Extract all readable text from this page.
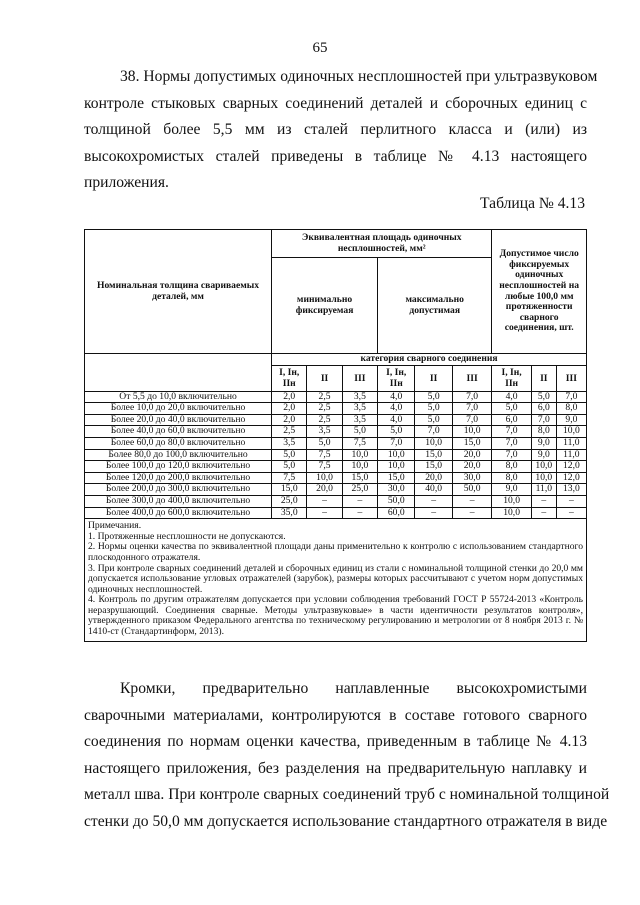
65

38. Нормы допустимых одиночных несплошностей при ультразвуковом
контроле стыковых сварных соединений деталей и сборочных единиц с
толщиной более 5,5 мм из сталей перлитного класса и (или) из
высокохромистых сталей приведены в таблице № 4.13 настоящего
приложения.

Таблица № 4.13
Номинальная толщина свариваемых деталей, мм	Эквивалентная площадь одиночных несплошностей, мм²						Допустимое число фиксируемых одиночных несплошностей на любые 100,0 мм протяженности сварного соединения, шт.		
	минимально фиксируемая			максимально допустимая					
	категория сварного соединения								
	I, Iн, IIн	II	III	I, Iн, IIн	II	III	I, Iн, IIн	II	III
От 5,5 до 10,0 включительно	2,0	2,5	3,5	4,0	5,0	7,0	4,0	5,0	7,0
Более 10,0 до 20,0 включительно	2,0	2,5	3,5	4,0	5,0	7,0	5,0	6,0	8,0
Более 20,0 до 40,0 включительно	2,0	2,5	3,5	4,0	5,0	7,0	6,0	7,0	9,0
Более 40,0 до 60,0 включительно	2,5	3,5	5,0	5,0	7,0	10,0	7,0	8,0	10,0
Более 60,0 до 80,0 включительно	3,5	5,0	7,5	7,0	10,0	15,0	7,0	9,0	11,0
Более 80,0 до 100,0 включительно	5,0	7,5	10,0	10,0	15,0	20,0	7,0	9,0	11,0
Более 100,0 до 120,0 включительно	5,0	7,5	10,0	10,0	15,0	20,0	8,0	10,0	12,0
Более 120,0 до 200,0 включительно	7,5	10,0	15,0	15,0	20,0	30,0	8,0	10,0	12,0
Более 200,0 до 300,0 включительно	15,0	20,0	25,0	30,0	40,0	50,0	9,0	11,0	13,0
Более 300,0 до 400,0 включительно	25,0	–	–	50,0	–	–	10,0	–	–
Более 400,0 до 600,0 включительно	35,0	–	–	60,0	–	–	10,0	–	–

Примечания.

1. Протяженные несплошности не допускаются.

2. Нормы оценки качества по эквивалентной площади даны применительно к контролю с использованием стандартного плоскодонного отражателя.

3. При контроле сварных соединений деталей и сборочных единиц из стали с номинальной толщиной стенки до 20,0 мм допускается использование угловых отражателей (зарубок), размеры которых рассчитывают с учетом норм допустимых одиночных несплошностей.

4. Контроль по другим отражателям допускается при условии соблюдения требований ГОСТ Р 55724-2013 «Контроль неразрушающий. Соединения сварные. Методы ультразвуковые» в части идентичности результатов контроля», утвержденного приказом Федерального агентства по техническому регулированию и метрологии от 8 ноября 2013 г. № 1410-ст (Стандартинформ, 2013).									

Кромки, предварительно наплавленные высокохромистыми
сварочными материалами, контролируются в составе готового сварного
соединения по нормам оценки качества, приведенным в таблице № 4.13
настоящего приложения, без разделения на предварительную наплавку и
металл шва. При контроле сварных соединений труб с номинальной толщиной
стенки до 50,0 мм допускается использование стандартного отражателя в виде
